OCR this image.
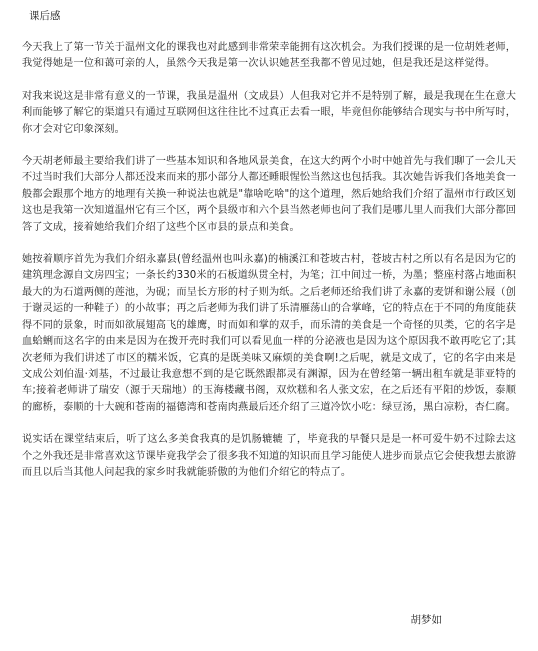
课后感

今天我上了第一节关于温州文化的课我也对此感到非常荣幸能拥有这次机会。为我们授课的是一位胡姓老师，我觉得她是一位和蔼可亲的人，虽然今天我是第一次认识她甚至我都不曾见过她，但是我还是这样觉得。

对我来说这是非常有意义的一节课，我虽是温州（文成县）人但我对它并不是特别了解，最是我现在生在意大利而能够了解它的渠道只有通过互联网但这往往比不过真正去看一眼，毕竟但你能够结合现实与书中所写时，你才会对它印象深刻。

今天胡老师最主要给我们讲了一些基本知识和各地风景美食，在这大约两个小时中她首先与我们聊了一会儿天不过当时我们大部分人都还没来而来的那小部分人都还睡眼惺忪当然这也包括我。其次她告诉我们各地美食一般都会跟那个地方的地理有关换一种说法也就是"靠啥吃啥"的这个道理，然后她给我们介绍了温州市行政区划这也是我第一次知道温州它有三个区，两个县级市和六个县当然老师也问了我们是哪儿里人而我们大部分都回答了文成，接着她给我们介绍了这些个区市县的景点和美食。

她按着顺序首先为我们介绍永嘉县(曾经温州也叫永嘉)的楠溪江和苍坡古村，苍坡古村之所以有名是因为它的建筑理念源自文房四宝；一条长约330米的石板道纵贯全村，为笔；江中间过一桥，为墨；整座村落占地面积最大的为石道两侧的莲池，为砚；而呈长方形的村子则为纸。之后老师还给我们讲了永嘉的麦饼和谢公屐（创于谢灵运的一种鞋子）的小故事；再之后老师为我们讲了乐清雁荡山的合掌峰，它的特点在于不同的角度能获得不同的景象，时而如欲展翅高飞的雄鹰，时而如和掌的双手，而乐清的美食是一个奇怪的贝类，它的名字是血蛤蜊而这名字的由来是因为在拨开壳时我们可以看见血一样的分泌液也是因为这个原因我不敢再吃它了;其次老师为我们讲述了市区的糯米饭，它真的是既美味又麻烦的美食啊!之后呢，就是文成了，它的名字由来是文成公刘伯温·刘基，不过最让我意想不到的是它既然跟都灵有渊源，因为在曾经第一辆出租车就是菲亚特的车;接着老师讲了瑞安（源于天瑞地）的玉海楼藏书阁，双炊糕和名人张文宏，在之后还有平阳的炒饭，泰顺的廊桥，泰顺的十大碗和苍南的福德湾和苍南肉燕最后还介绍了三道冷饮小吃：绿豆汤，黑白凉粉，杏仁腐。

说实话在课堂结束后，听了这么多美食我真的是饥肠辘辘 了，毕竟我的早餐只是是一杯可爱牛奶不过除去这个之外我还是非常喜欢这节课毕竟我学会了很多我不知道的知识而且学习能使人进步而景点它会使我想去旅游而且以后当其他人问起我的家乡时我就能骄傲的为他们介绍它的特点了。

胡梦如
